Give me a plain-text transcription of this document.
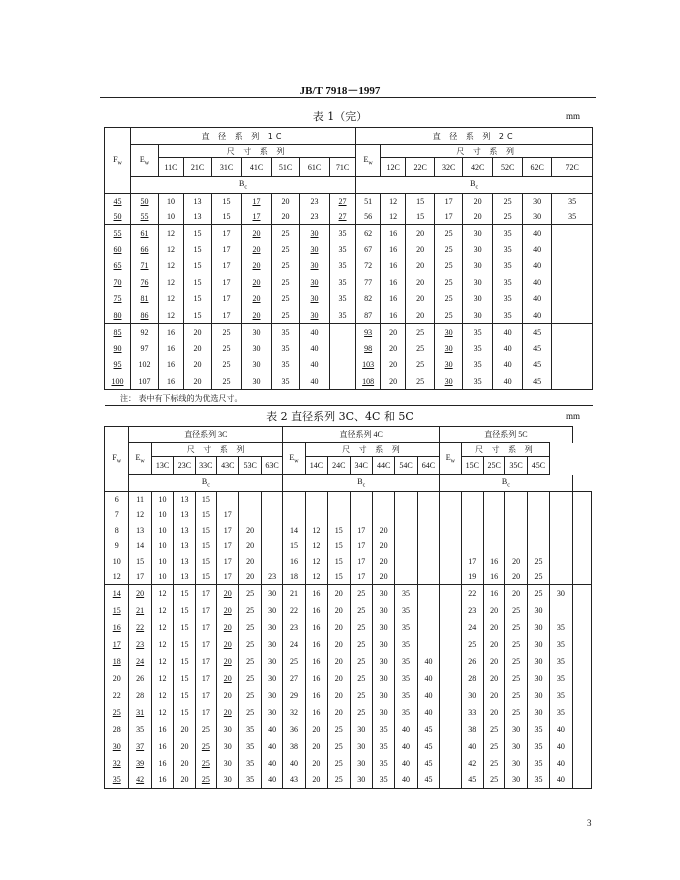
JB/T 7918－1997
表 1（完）	mm
$F_w$	直 径 系 列 1C								直 径 系 列 2C							
	$E_w$	尺 寸 系 列							$E_w$	尺 寸 系 列						
		11C	21C	31C	41C	51C	61C	71C		12C	22C	32C	42C	52C	62C	72C
	$B_c$								$B_c$
45	50	10	13	15	17	20	23	27	51	12	15	17	20	25	30	35
50	55	10	13	15	17	20	23	27	56	12	15	17	20	25	30	35
55	61	12	15	17	20	25	30	35	62	16	20	25	30	35	40	
60	66	12	15	17	20	25	30	35	67	16	20	25	30	35	40	
65	71	12	15	17	20	25	30	35	72	16	20	25	30	35	40	
70	76	12	15	17	20	25	30	35	77	16	20	25	30	35	40	
75	81	12	15	17	20	25	30	35	82	16	20	25	30	35	40	
80	86	12	15	17	20	25	30	35	87	16	20	25	30	35	40	
85	92	16	20	25	30	35	40		93	20	25	30	35	40	45	
90	97	16	20	25	30	35	40		98	20	25	30	35	40	45	
95	102	16	20	25	30	35	40		103	20	25	30	35	40	45	
100	107	16	20	25	30	35	40		108	20	25	30	35	40	45	

注： 表中有下标线的为优选尺寸。
表 2 直径系列 3C、4C 和 5C	mm
$F_w$	直径系列 3C							直径系列 4C							直径系列 5C						
	$E_w$	尺 寸 系 列						$E_w$	尺 寸 系 列						$E_w$	尺 寸 系 列					
		13C	23C	33C	43C	53C	63C		14C	24C	34C	44C	54C	64C		15C	25C	35C	45C		
	$B_c$							$B_c$							$B_c$
6	11	10	13	15																	
7	12	10	13	15	17																
8	13	10	13	15	17	20		14	12	15	17	20									
9	14	10	13	15	17	20		15	12	15	17	20									
10	15	10	13	15	17	20		16	12	15	17	20				17	16	20	25		
12	17	10	13	15	17	20	23	18	12	15	17	20				19	16	20	25		
14	20	12	15	17	20	25	30	21	16	20	25	30	35			22	16	20	25	30	
15	21	12	15	17	20	25	30	22	16	20	25	30	35			23	20	25	30		
16	22	12	15	17	20	25	30	23	16	20	25	30	35			24	20	25	30	35	
17	23	12	15	17	20	25	30	24	16	20	25	30	35			25	20	25	30	35	
18	24	12	15	17	20	25	30	25	16	20	25	30	35	40		26	20	25	30	35	
20	26	12	15	17	20	25	30	27	16	20	25	30	35	40		28	20	25	30	35	
22	28	12	15	17	20	25	30	29	16	20	25	30	35	40		30	20	25	30	35	
25	31	12	15	17	20	25	30	32	16	20	25	30	35	40		33	20	25	30	35	
28	35	16	20	25	30	35	40	36	20	25	30	35	40	45		38	25	30	35	40	
30	37	16	20	25	30	35	40	38	20	25	30	35	40	45		40	25	30	35	40	
32	39	16	20	25	30	35	40	40	20	25	30	35	40	45		42	25	30	35	40	
35	42	16	20	25	30	35	40	43	20	25	30	35	40	45		45	25	30	35	40	
3
